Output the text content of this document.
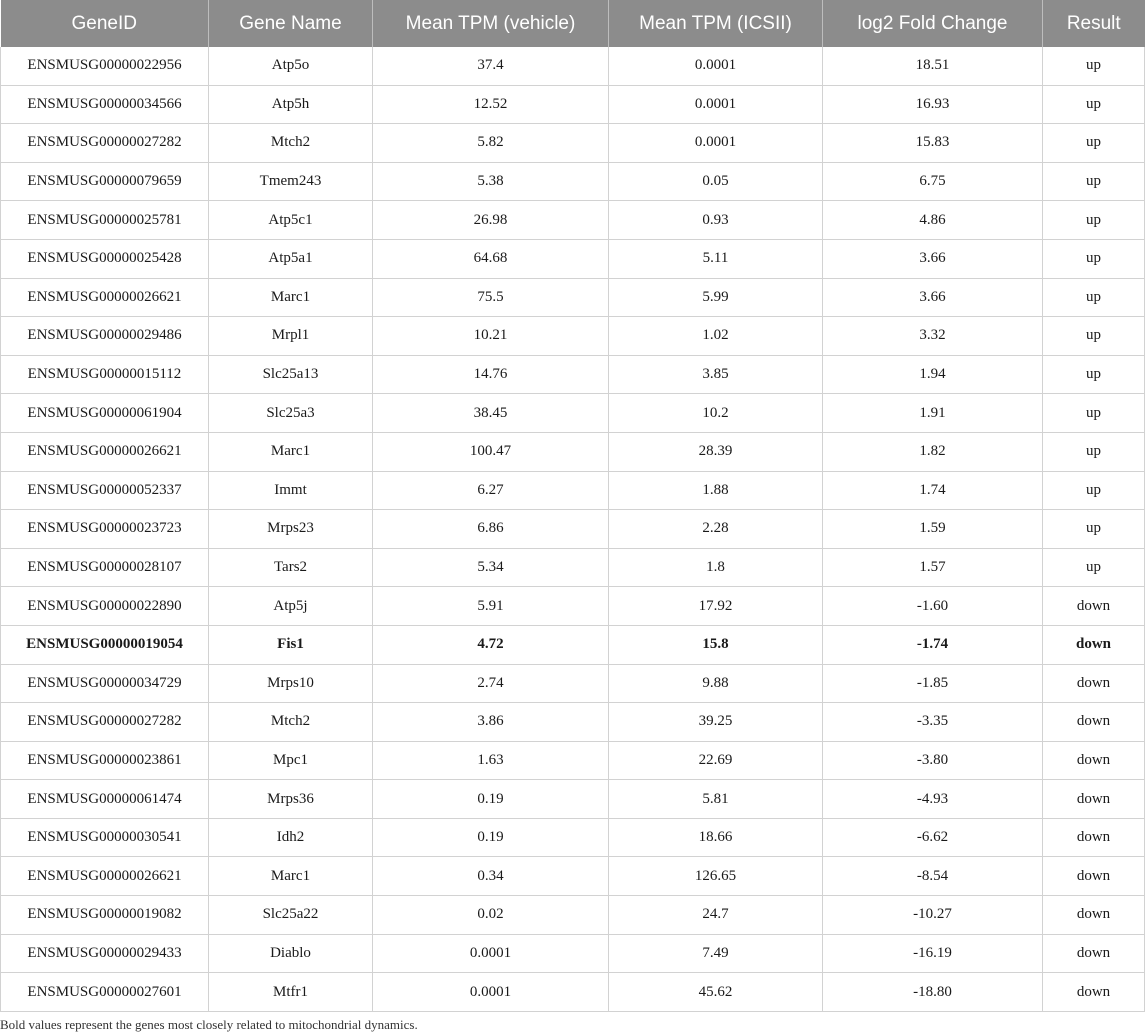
GeneID	Gene Name	Mean TPM (vehicle)	Mean TPM (ICSII)	log2 Fold Change	Result
ENSMUSG00000022956	Atp5o	37.4	0.0001	18.51	up
ENSMUSG00000034566	Atp5h	12.52	0.0001	16.93	up
ENSMUSG00000027282	Mtch2	5.82	0.0001	15.83	up
ENSMUSG00000079659	Tmem243	5.38	0.05	6.75	up
ENSMUSG00000025781	Atp5c1	26.98	0.93	4.86	up
ENSMUSG00000025428	Atp5a1	64.68	5.11	3.66	up
ENSMUSG00000026621	Marc1	75.5	5.99	3.66	up
ENSMUSG00000029486	Mrpl1	10.21	1.02	3.32	up
ENSMUSG00000015112	Slc25a13	14.76	3.85	1.94	up
ENSMUSG00000061904	Slc25a3	38.45	10.2	1.91	up
ENSMUSG00000026621	Marc1	100.47	28.39	1.82	up
ENSMUSG00000052337	Immt	6.27	1.88	1.74	up
ENSMUSG00000023723	Mrps23	6.86	2.28	1.59	up
ENSMUSG00000028107	Tars2	5.34	1.8	1.57	up
ENSMUSG00000022890	Atp5j	5.91	17.92	-1.60	down
ENSMUSG00000019054	Fis1	4.72	15.8	-1.74	down
ENSMUSG00000034729	Mrps10	2.74	9.88	-1.85	down
ENSMUSG00000027282	Mtch2	3.86	39.25	-3.35	down
ENSMUSG00000023861	Mpc1	1.63	22.69	-3.80	down
ENSMUSG00000061474	Mrps36	0.19	5.81	-4.93	down
ENSMUSG00000030541	Idh2	0.19	18.66	-6.62	down
ENSMUSG00000026621	Marc1	0.34	126.65	-8.54	down
ENSMUSG00000019082	Slc25a22	0.02	24.7	-10.27	down
ENSMUSG00000029433	Diablo	0.0001	7.49	-16.19	down
ENSMUSG00000027601	Mtfr1	0.0001	45.62	-18.80	down
Bold values represent the genes most closely related to mitochondrial dynamics.
